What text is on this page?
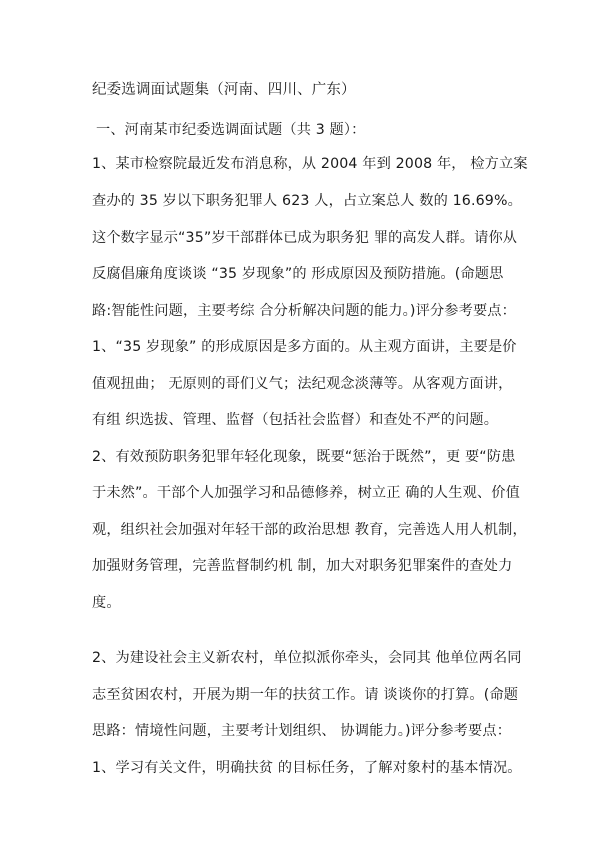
纪委选调面试题集（河南、四川、广东）
一、河南某市纪委选调面试题（共 3 题）：
1、某市检察院最近发布消息称，从 2004 年到 2008 年， 检方立案
查办的 35 岁以下职务犯罪人 623 人，占立案总人 数的 16.69%。
这个数字显示“35”岁干部群体已成为职务犯 罪的高发人群。请你从
反腐倡廉角度谈谈 “35 岁现象”的 形成原因及预防措施。(命题思
路:智能性问题，主要考综 合分析解决问题的能力。)评分参考要点：
1、“35 岁现象” 的形成原因是多方面的。从主观方面讲，主要是价
值观扭曲； 无原则的哥们义气；法纪观念淡薄等。从客观方面讲，
有组 织选拔、管理、监督（包括社会监督）和查处不严的问题。
2、有效预防职务犯罪年轻化现象，既要“惩治于既然”，更 要“防患
于未然”。干部个人加强学习和品德修养，树立正 确的人生观、价值
观，组织社会加强对年轻干部的政治思想 教育，完善选人用人机制，
加强财务管理，完善监督制约机 制，加大对职务犯罪案件的查处力
度。
2、为建设社会主义新农村，单位拟派你牵头，会同其 他单位两名同
志至贫困农村，开展为期一年的扶贫工作。请 谈谈你的打算。(命题
思路：情境性问题，主要考计划组织、 协调能力。)评分参考要点：
1、学习有关文件，明确扶贫 的目标任务，了解对象村的基本情况。
